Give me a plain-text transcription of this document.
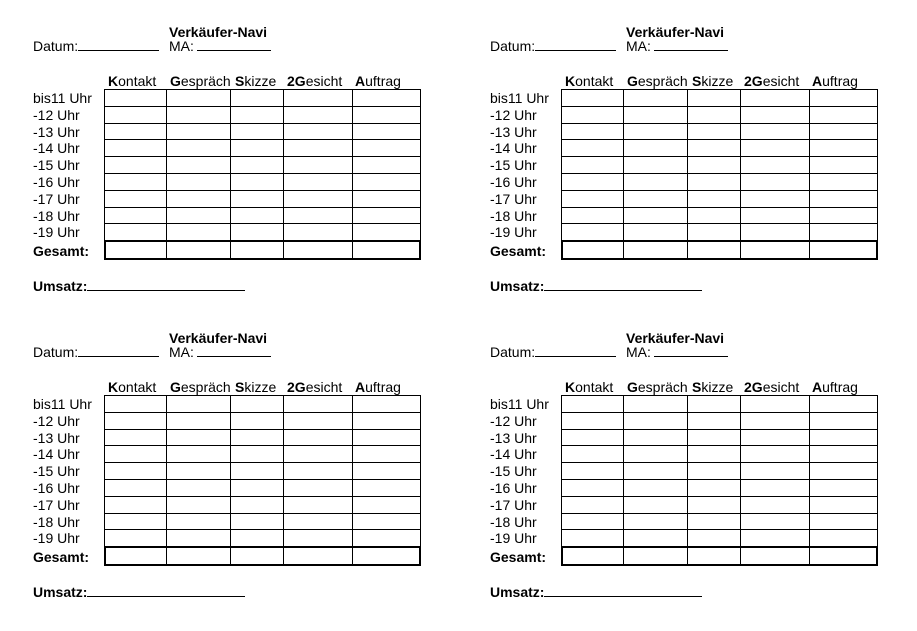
Verkäufer-Navi
Datum:	MA:
Kontakt Gespräch Skizze 2Gesicht Auftrag
bis11 Uhr
-12 Uhr
-13 Uhr
-14 Uhr
-15 Uhr
-16 Uhr
-17 Uhr
-18 Uhr
-19 Uhr
Gesamt:
Umsatz:
Verkäufer-Navi
Datum:	MA:
Kontakt Gespräch Skizze 2Gesicht Auftrag
bis11 Uhr
-12 Uhr
-13 Uhr
-14 Uhr
-15 Uhr
-16 Uhr
-17 Uhr
-18 Uhr
-19 Uhr
Gesamt:
Umsatz:
Verkäufer-Navi
Datum:	MA:
Kontakt Gespräch Skizze 2Gesicht Auftrag
bis11 Uhr
-12 Uhr
-13 Uhr
-14 Uhr
-15 Uhr
-16 Uhr
-17 Uhr
-18 Uhr
-19 Uhr
Gesamt:
Umsatz:
Verkäufer-Navi
Datum:	MA:
Kontakt Gespräch Skizze 2Gesicht Auftrag
bis11 Uhr
-12 Uhr
-13 Uhr
-14 Uhr
-15 Uhr
-16 Uhr
-17 Uhr
-18 Uhr
-19 Uhr
Gesamt:
Umsatz:
